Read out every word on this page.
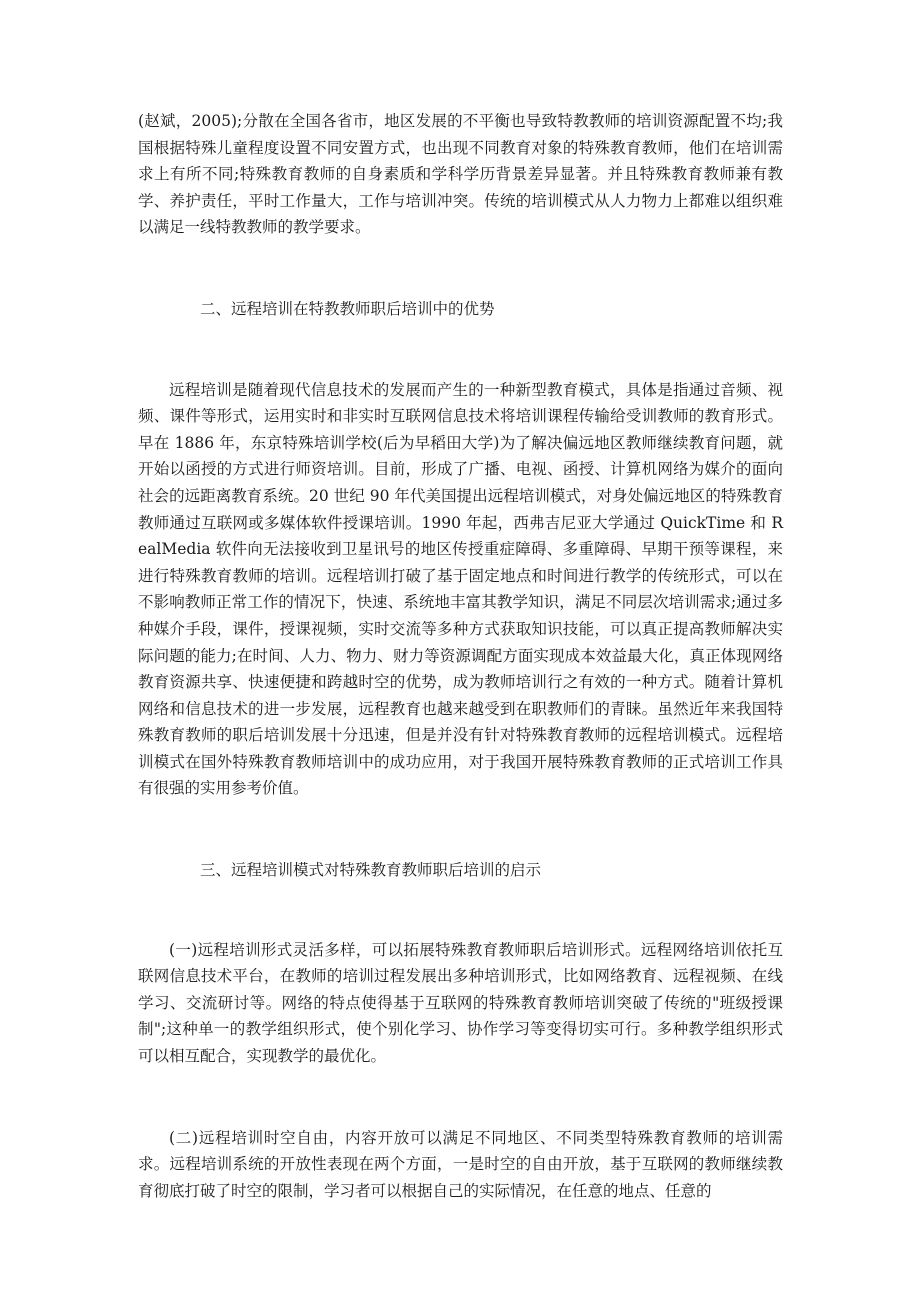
(赵斌，2005);分散在全国各省市，地区发展的不平衡也导致特教教师的培训资源配置不均;我国根据特殊儿童程度设置不同安置方式，也出现不同教育对象的特殊教育教师，他们在培训需求上有所不同;特殊教育教师的自身素质和学科学历背景差异显著。并且特殊教育教师兼有教学、养护责任，平时工作量大，工作与培训冲突。传统的培训模式从人力物力上都难以组织难以满足一线特教教师的教学要求。

二、远程培训在特教教师职后培训中的优势

远程培训是随着现代信息技术的发展而产生的一种新型教育模式，具体是指通过音频、视频、课件等形式，运用实时和非实时互联网信息技术将培训课程传输给受训教师的教育形式。早在 1886 年，东京特殊培训学校(后为早稻田大学)为了解决偏远地区教师继续教育问题，就开始以函授的方式进行师资培训。目前，形成了广播、电视、函授、计算机网络为媒介的面向社会的远距离教育系统。20 世纪 90 年代美国提出远程培训模式，对身处偏远地区的特殊教育教师通过互联网或多媒体软件授课培训。1990 年起，西弗吉尼亚大学通过 QuickTime 和 RealMedia 软件向无法接收到卫星讯号的地区传授重症障碍、多重障碍、早期干预等课程，来进行特殊教育教师的培训。远程培训打破了基于固定地点和时间进行教学的传统形式，可以在不影响教师正常工作的情况下，快速、系统地丰富其教学知识，满足不同层次培训需求;通过多种媒介手段，课件，授课视频，实时交流等多种方式获取知识技能，可以真正提高教师解决实际问题的能力;在时间、人力、物力、财力等资源调配方面实现成本效益最大化，真正体现网络教育资源共享、快速便捷和跨越时空的优势，成为教师培训行之有效的一种方式。随着计算机网络和信息技术的进一步发展，远程教育也越来越受到在职教师们的青睐。虽然近年来我国特殊教育教师的职后培训发展十分迅速，但是并没有针对特殊教育教师的远程培训模式。远程培训模式在国外特殊教育教师培训中的成功应用，对于我国开展特殊教育教师的正式培训工作具有很强的实用参考价值。

三、远程培训模式对特殊教育教师职后培训的启示

(一)远程培训形式灵活多样，可以拓展特殊教育教师职后培训形式。远程网络培训依托互联网信息技术平台，在教师的培训过程发展出多种培训形式，比如网络教育、远程视频、在线学习、交流研讨等。网络的特点使得基于互联网的特殊教育教师培训突破了传统的"班级授课制";这种单一的教学组织形式，使个别化学习、协作学习等变得切实可行。多种教学组织形式可以相互配合，实现教学的最优化。

(二)远程培训时空自由，内容开放可以满足不同地区、不同类型特殊教育教师的培训需求。远程培训系统的开放性表现在两个方面，一是时空的自由开放，基于互联网的教师继续教育彻底打破了时空的限制，学习者可以根据自己的实际情况，在任意的地点、任意的
